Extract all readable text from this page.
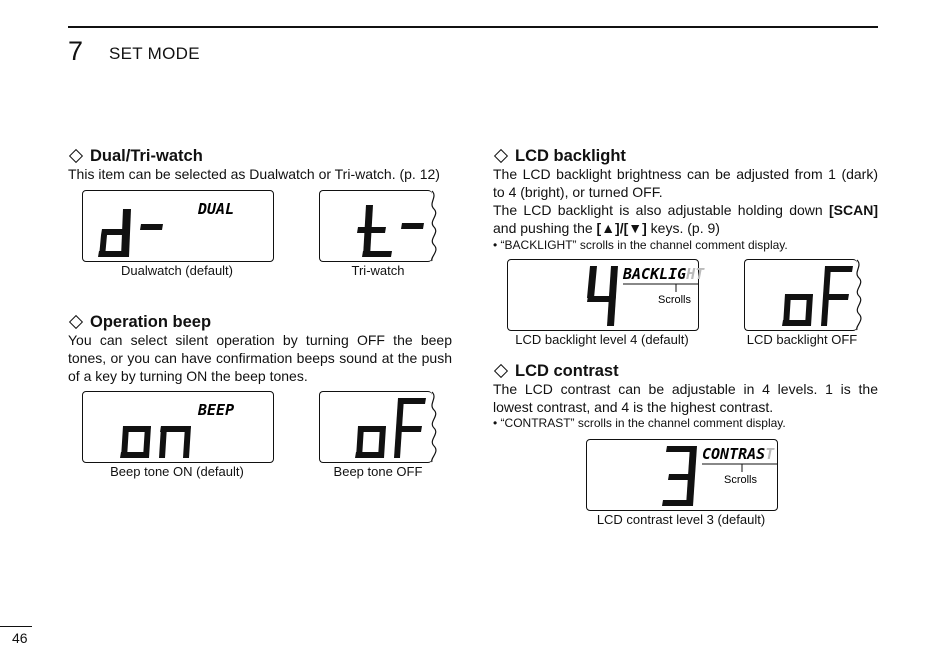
7 SET MODE
Dual/Tri-watch

This item can be selected as Dualwatch or Tri-watch. (p. 12)

DUAL
Dualwatch (default)	Tri-watch
Operation beep

You can select silent operation by turning OFF the beep tones, or you can have confirmation beeps sound at the push of a key by turning ON the beep tones.

BEEP
Beep tone ON (default)	Beep tone OFF
LCD backlight

The LCD backlight brightness can be adjusted from 1 (dark) to 4 (bright), or turned OFF.

The LCD backlight is also adjustable holding down [SCAN] and pushing the [▲]/[▼] keys. (p. 9)

• “BACKLIGHT” scrolls in the channel comment display.

BACKLIGHT
Scrolls
LCD backlight level 4 (default)	LCD backlight OFF
LCD contrast

The LCD contrast can be adjustable in 4 levels. 1 is the lowest contrast, and 4 is the highest contrast.

• “CONTRAST” scrolls in the channel comment display.

CONTRAST
Scrolls
LCD contrast level 3 (default)
46
